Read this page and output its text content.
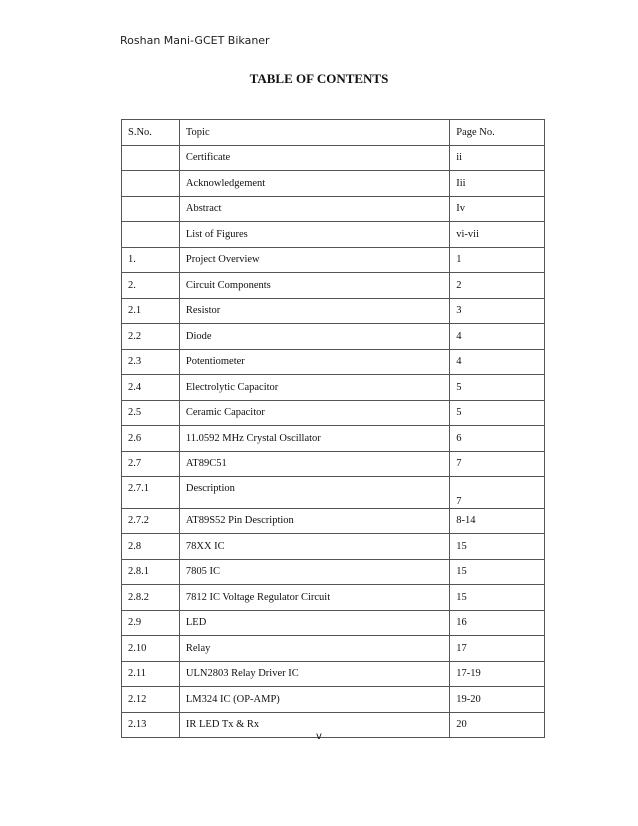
Roshan Mani-GCET Bikaner
TABLE OF CONTENTS
S.No.	Topic	Page No.
	Certificate	ii
	Acknowledgement	Iii
	Abstract	Iv
	List of Figures	vi-vii
1.	Project Overview	1
2.	Circuit Components	2
2.1	Resistor	3
2.2	Diode	4
2.3	Potentiometer	4
2.4	Electrolytic Capacitor	5
2.5	Ceramic Capacitor	5
2.6	11.0592 MHz Crystal Oscillator	6
2.7	AT89C51	7
2.7.1	Description	7
2.7.2	AT89S52 Pin Description	8-14
2.8	78XX IC	15
2.8.1	7805 IC	15
2.8.2	7812 IC Voltage Regulator Circuit	15
2.9	LED	16
2.10	Relay	17
2.11	ULN2803 Relay Driver IC	17-19
2.12	LM324 IC (OP-AMP)	19-20
2.13	IR LED Tx & Rx	20
v
